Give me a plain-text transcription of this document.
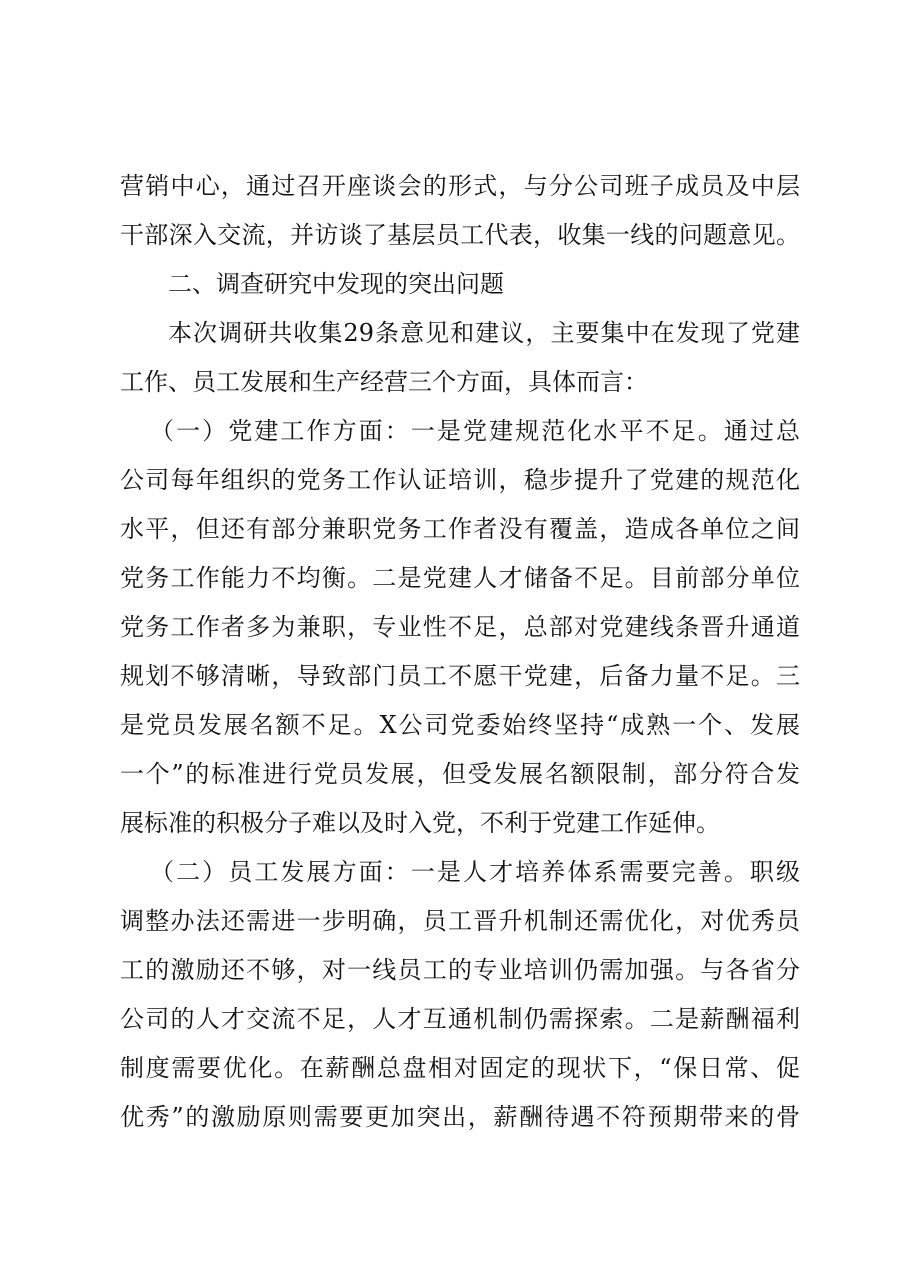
营销中心，通过召开座谈会的形式，与分公司班子成员及中层
干部深入交流，并访谈了基层员工代表，收集一线的问题意见。
二、调查研究中发现的突出问题
本次调研共收集29条意见和建议，主要集中在发现了党建
工作、员工发展和生产经营三个方面，具体而言：
（一）党建工作方面：一是党建规范化水平不足。通过总
公司每年组织的党务工作认证培训，稳步提升了党建的规范化
水平，但还有部分兼职党务工作者没有覆盖，造成各单位之间
党务工作能力不均衡。二是党建人才储备不足。目前部分单位
党务工作者多为兼职，专业性不足，总部对党建线条晋升通道
规划不够清晰，导致部门员工不愿干党建，后备力量不足。三
是党员发展名额不足。X公司党委始终坚持“成熟一个、发展
一个”的标准进行党员发展，但受发展名额限制，部分符合发
展标准的积极分子难以及时入党，不利于党建工作延伸。
（二）员工发展方面：一是人才培养体系需要完善。职级
调整办法还需进一步明确，员工晋升机制还需优化，对优秀员
工的激励还不够，对一线员工的专业培训仍需加强。与各省分
公司的人才交流不足，人才互通机制仍需探索。二是薪酬福利
制度需要优化。在薪酬总盘相对固定的现状下，“保日常、促
优秀”的激励原则需要更加突出，薪酬待遇不符预期带来的骨
